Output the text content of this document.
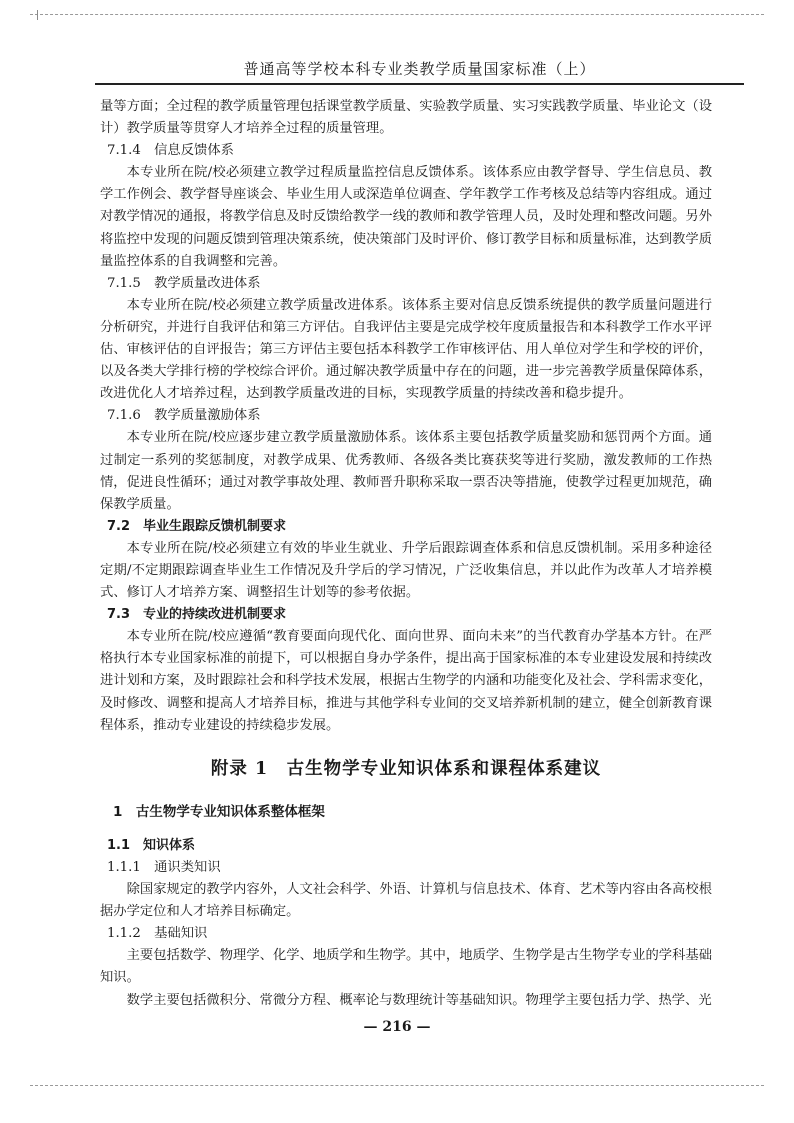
普通高等学校本科专业类教学质量国家标准（上）

量等方面；全过程的教学质量管理包括课堂教学质量、实验教学质量、实习实践教学质量、毕业论文（设计）教学质量等贯穿人才培养全过程的质量管理。

7.1.4　信息反馈体系

本专业所在院/校必须建立教学过程质量监控信息反馈体系。该体系应由教学督导、学生信息员、教学工作例会、教学督导座谈会、毕业生用人或深造单位调查、学年教学工作考核及总结等内容组成。通过对教学情况的通报，将教学信息及时反馈给教学一线的教师和教学管理人员，及时处理和整改问题。另外将监控中发现的问题反馈到管理决策系统，使决策部门及时评价、修订教学目标和质量标准，达到教学质量监控体系的自我调整和完善。

7.1.5　教学质量改进体系

本专业所在院/校必须建立教学质量改进体系。该体系主要对信息反馈系统提供的教学质量问题进行分析研究，并进行自我评估和第三方评估。自我评估主要是完成学校年度质量报告和本科教学工作水平评估、审核评估的自评报告；第三方评估主要包括本科教学工作审核评估、用人单位对学生和学校的评价，以及各类大学排行榜的学校综合评价。通过解决教学质量中存在的问题，进一步完善教学质量保障体系，改进优化人才培养过程，达到教学质量改进的目标，实现教学质量的持续改善和稳步提升。

7.1.6　教学质量激励体系

本专业所在院/校应逐步建立教学质量激励体系。该体系主要包括教学质量奖励和惩罚两个方面。通过制定一系列的奖惩制度，对教学成果、优秀教师、各级各类比赛获奖等进行奖励，激发教师的工作热情，促进良性循环；通过对教学事故处理、教师晋升职称采取一票否决等措施，使教学过程更加规范，确保教学质量。

7.2　毕业生跟踪反馈机制要求

本专业所在院/校必须建立有效的毕业生就业、升学后跟踪调查体系和信息反馈机制。采用多种途径定期/不定期跟踪调查毕业生工作情况及升学后的学习情况，广泛收集信息，并以此作为改革人才培养模式、修订人才培养方案、调整招生计划等的参考依据。

7.3　专业的持续改进机制要求

本专业所在院/校应遵循“教育要面向现代化、面向世界、面向未来”的当代教育办学基本方针。在严格执行本专业国家标准的前提下，可以根据自身办学条件，提出高于国家标准的本专业建设发展和持续改进计划和方案，及时跟踪社会和科学技术发展，根据古生物学的内涵和功能变化及社会、学科需求变化，及时修改、调整和提高人才培养目标，推进与其他学科专业间的交叉培养新机制的建立，健全创新教育课程体系，推动专业建设的持续稳步发展。

附录 1　古生物学专业知识体系和课程体系建议

1　古生物学专业知识体系整体框架

1.1　知识体系

1.1.1　通识类知识

除国家规定的教学内容外，人文社会科学、外语、计算机与信息技术、体育、艺术等内容由各高校根据办学定位和人才培养目标确定。

1.1.2　基础知识

主要包括数学、物理学、化学、地质学和生物学。其中，地质学、生物学是古生物学专业的学科基础知识。

数学主要包括微积分、常微分方程、概率论与数理统计等基础知识。物理学主要包括力学、热学、光

— 216 —
